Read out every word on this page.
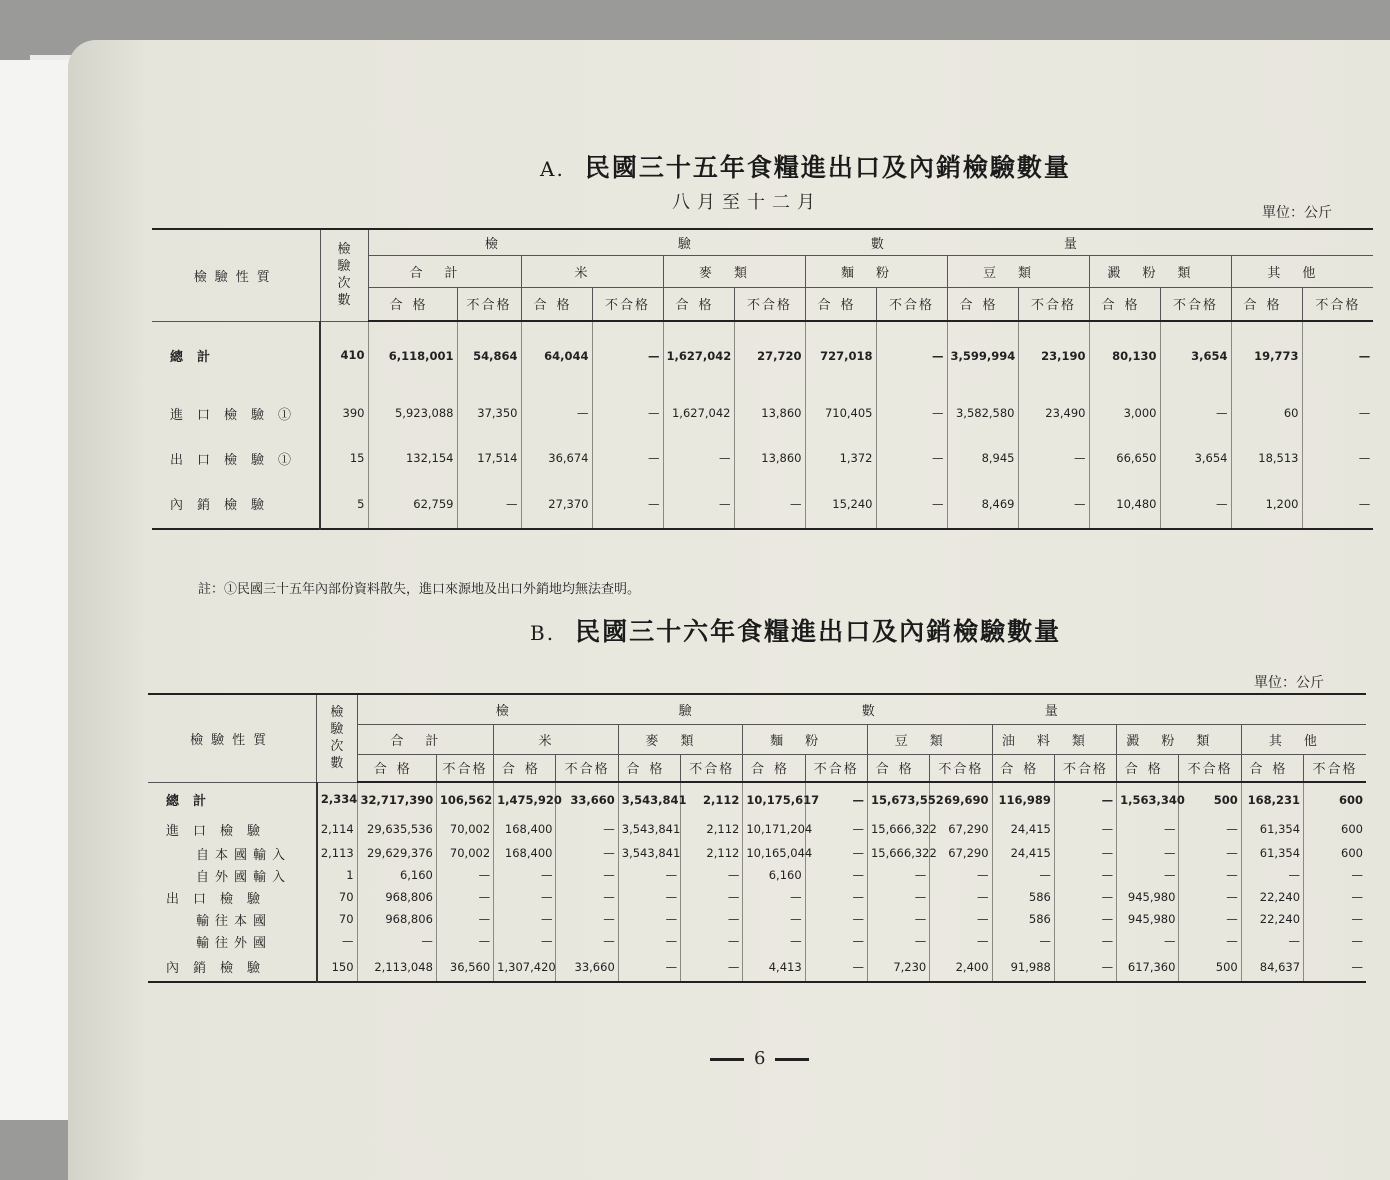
A. 民國三十五年食糧進出口及內銷檢驗數量
八月至十二月	單位：公斤
檢驗性質	檢驗次數	檢驗數量													
		合計		米		麥類		麵粉		豆類		澱粉類		其他	
		合格	不合格	合格	不合格	合格	不合格	合格	不合格	合格	不合格	合格	不合格	合格	不合格
總計	410	6,118,001	54,864	64,044	—	1,627,042	27,720	727,018	—	3,599,994	23,190	80,130	3,654	19,773	—
進口檢驗①	390	5,923,088	37,350	—	—	1,627,042	13,860	710,405	—	3,582,580	23,490	3,000	—	60	—
出口檢驗①	15	132,154	17,514	36,674	—	—	13,860	1,372	—	8,945	—	66,650	3,654	18,513	—
內銷檢驗	5	62,759	—	27,370	—	—	—	15,240	—	8,469	—	10,480	—	1,200	—
註：①民國三十五年內部份資料散失，進口來源地及出口外銷地均無法查明。
B. 民國三十六年食糧進出口及內銷檢驗數量
單位：公斤
檢驗性質	檢驗次數	檢驗數量															
		合計		米		麥類		麵粉		豆類		油料類		澱粉類		其他	
		合格	不合格	合格	不合格	合格	不合格	合格	不合格	合格	不合格	合格	不合格	合格	不合格	合格	不合格
總計	2,334	32,717,390	106,562	1,475,920	33,660	3,543,841	2,112	10,175,617	—	15,673,552	69,690	116,989	—	1,563,340	500	168,231	600
進口檢驗	2,114	29,635,536	70,002	168,400	—	3,543,841	2,112	10,171,204	—	15,666,322	67,290	24,415	—	—	—	61,354	600
自本國輸入	2,113	29,629,376	70,002	168,400	—	3,543,841	2,112	10,165,044	—	15,666,322	67,290	24,415	—	—	—	61,354	600
自外國輸入	1	6,160	—	—	—	—	—	6,160	—	—	—	—	—	—	—	—	—
出口檢驗	70	968,806	—	—	—	—	—	—	—	—	—	586	—	945,980	—	22,240	—
輸往本國	70	968,806	—	—	—	—	—	—	—	—	—	586	—	945,980	—	22,240	—
輸往外國	—	—	—	—	—	—	—	—	—	—	—	—	—	—	—	—	—
內銷檢驗	150	2,113,048	36,560	1,307,420	33,660	—	—	4,413	—	7,230	2,400	91,988	—	617,360	500	84,637	—
6
